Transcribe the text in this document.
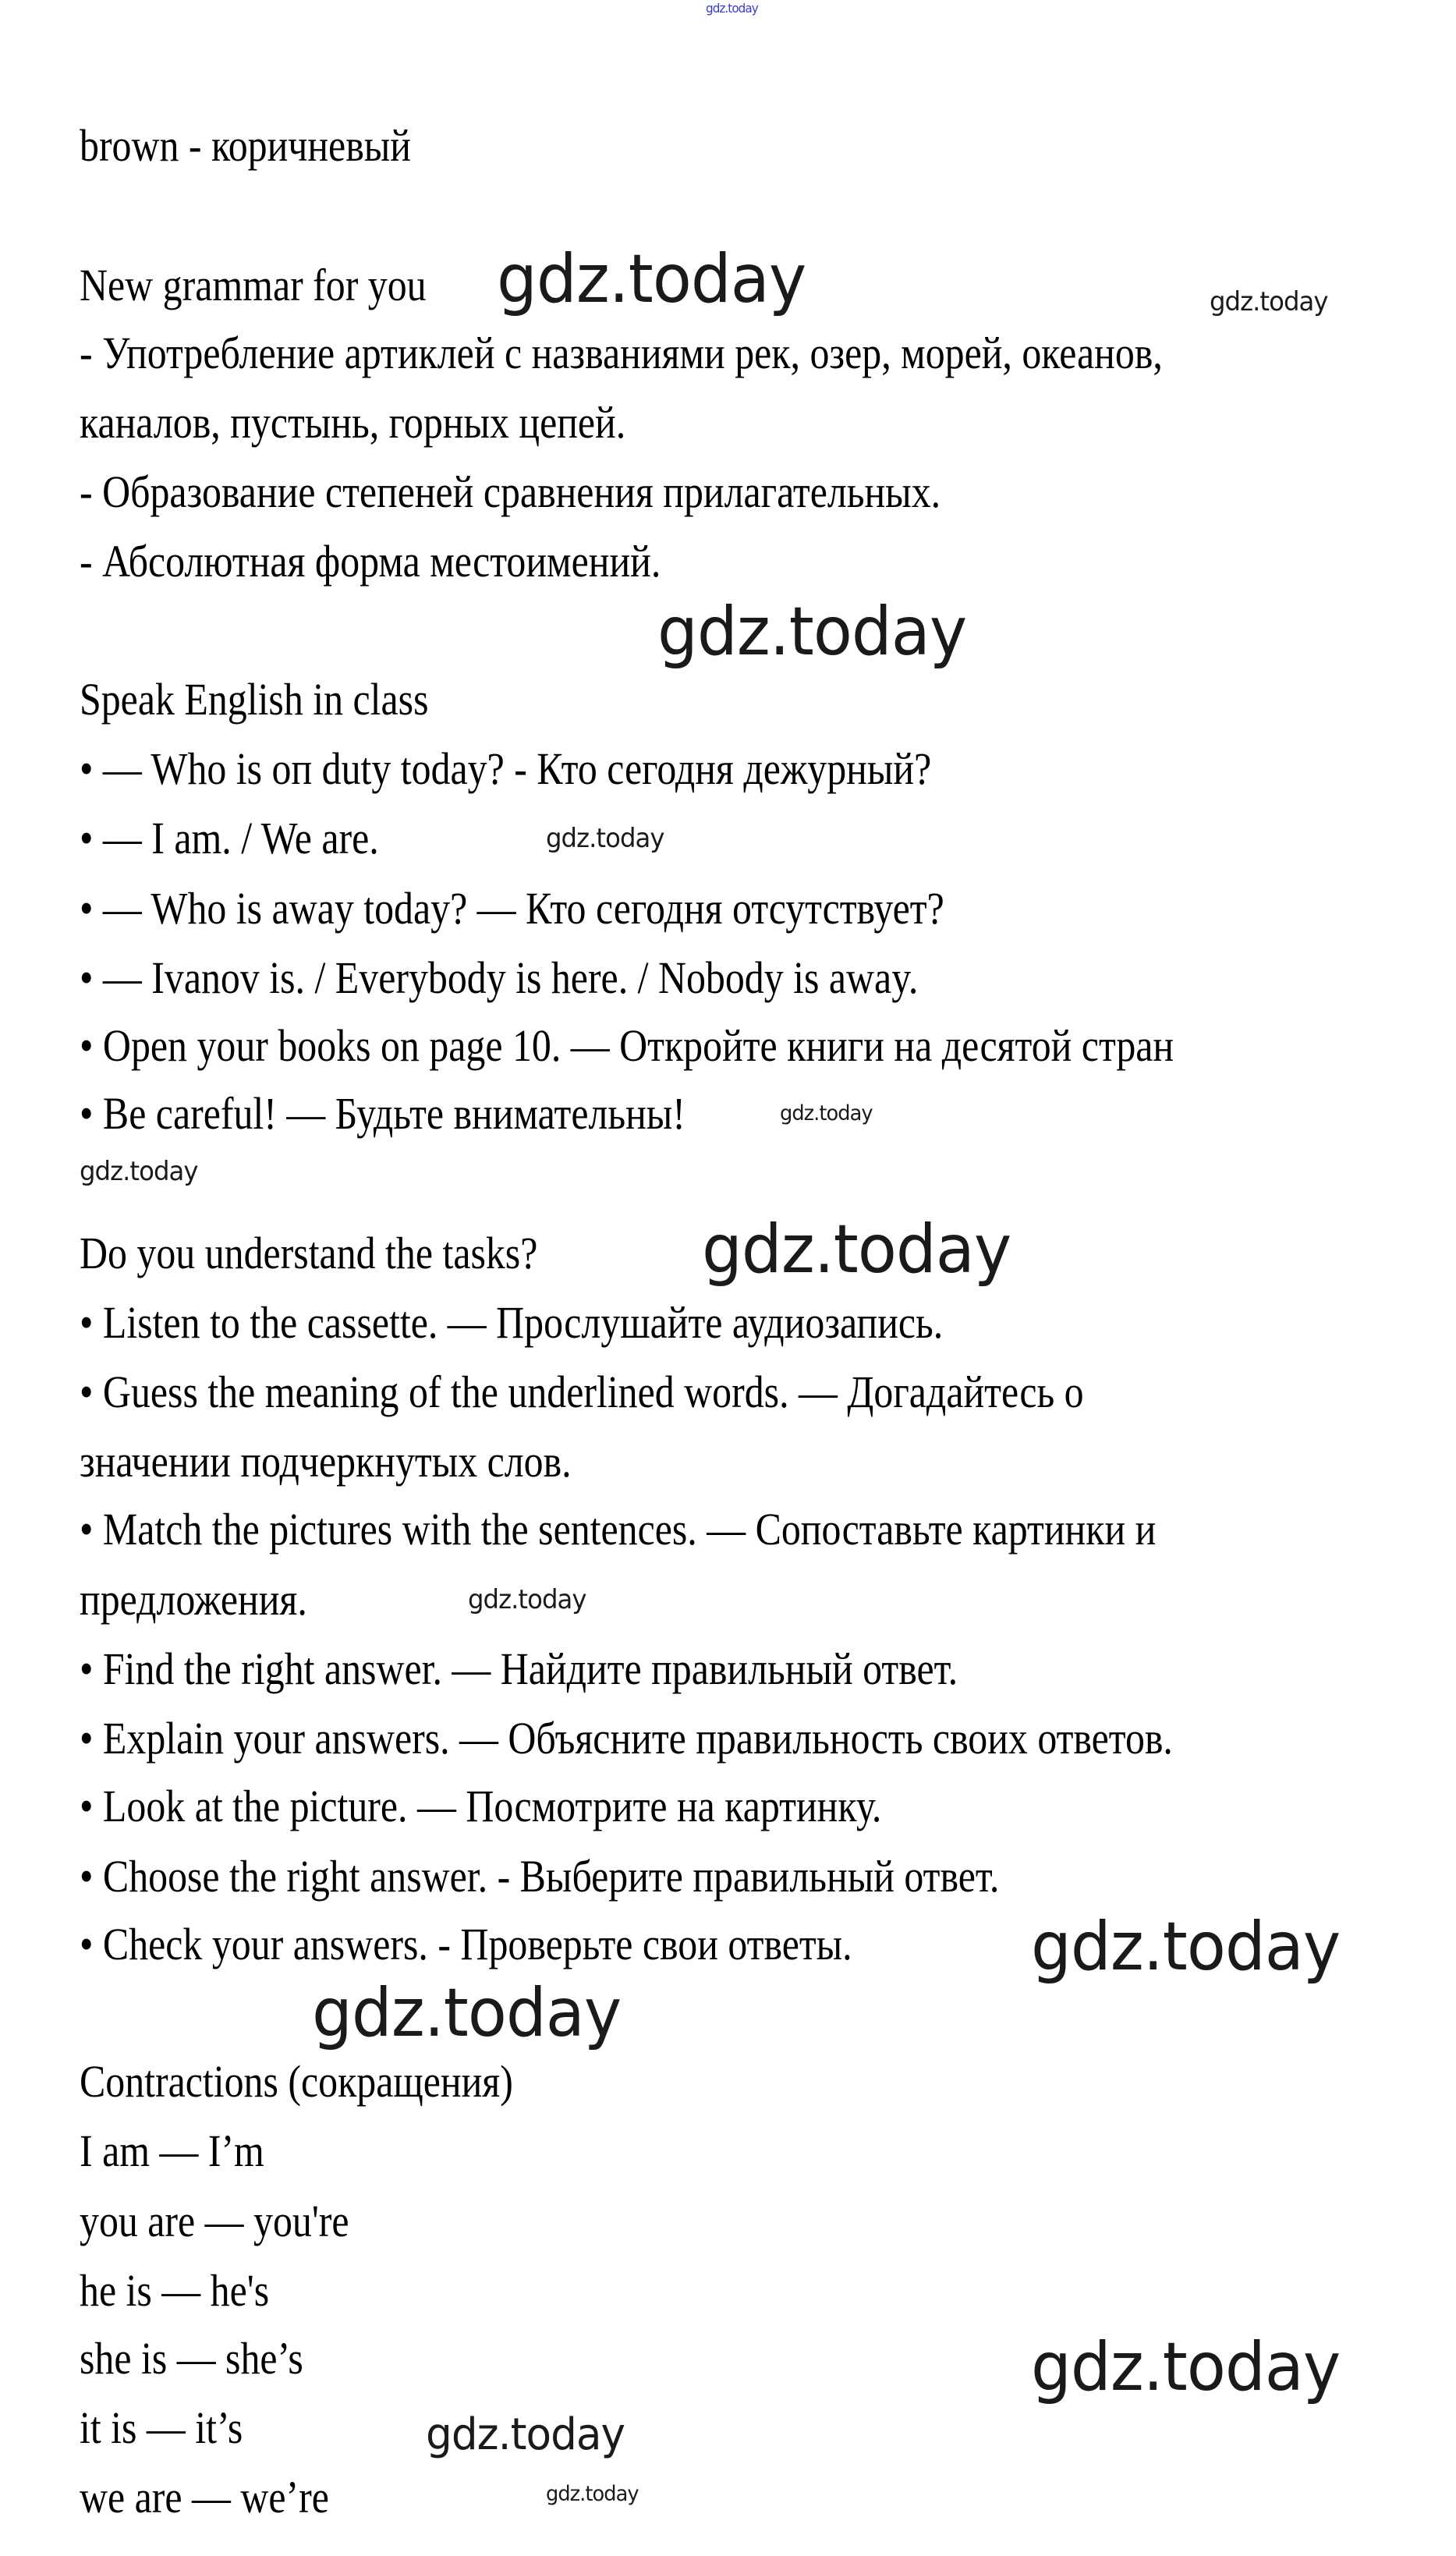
gdz.today
brown - коричневый
New grammar for you
- Употребление артиклей с названиями рек, озер, морей, океанов,
каналов, пустынь, горных цепей.
- Образование степеней сравнения прилагательных.
- Абсолютная форма местоимений.
Speak English in class
• — Who is оп duty today? - Кто сегодня дежурный?
• — I am. / We are.
• — Who is away today? — Кто сегодня отсутствует?
• — Ivanov is. / Everybody is here. / Nobody is away.
• Open your books on page 10. — Откройте книги на десятой стран
• Be careful! — Будьте внимательны!
Do you understand the tasks?
• Listen to the cassette. — Прослушайте аудиозапись.
• Guess the meaning of the underlined words. — Догадайтесь о
значении подчеркнутых слов.
• Match the pictures with the sentences. — Сопоставьте картинки и
предложения.
• Find the right answer. — Найдите правильный ответ.
• Explain your answers. — Объясните правильность своих ответов.
• Look at the picture. — Посмотрите на картинку.
• Choose the right answer. - Выберите правильный ответ.
• Check your answers. - Проверьте свои ответы.
Contractions (сокращения)
I am — I’m
you are — you're
he is — he's
she is — she’s
it is — it’s
we are — we’re
gdz.today	gdz.today
gdz.today
gdz.today
gdz.today
gdz.today
gdz.today
gdz.today
gdz.today
gdz.today
gdz.today
gdz.today
gdz.today
